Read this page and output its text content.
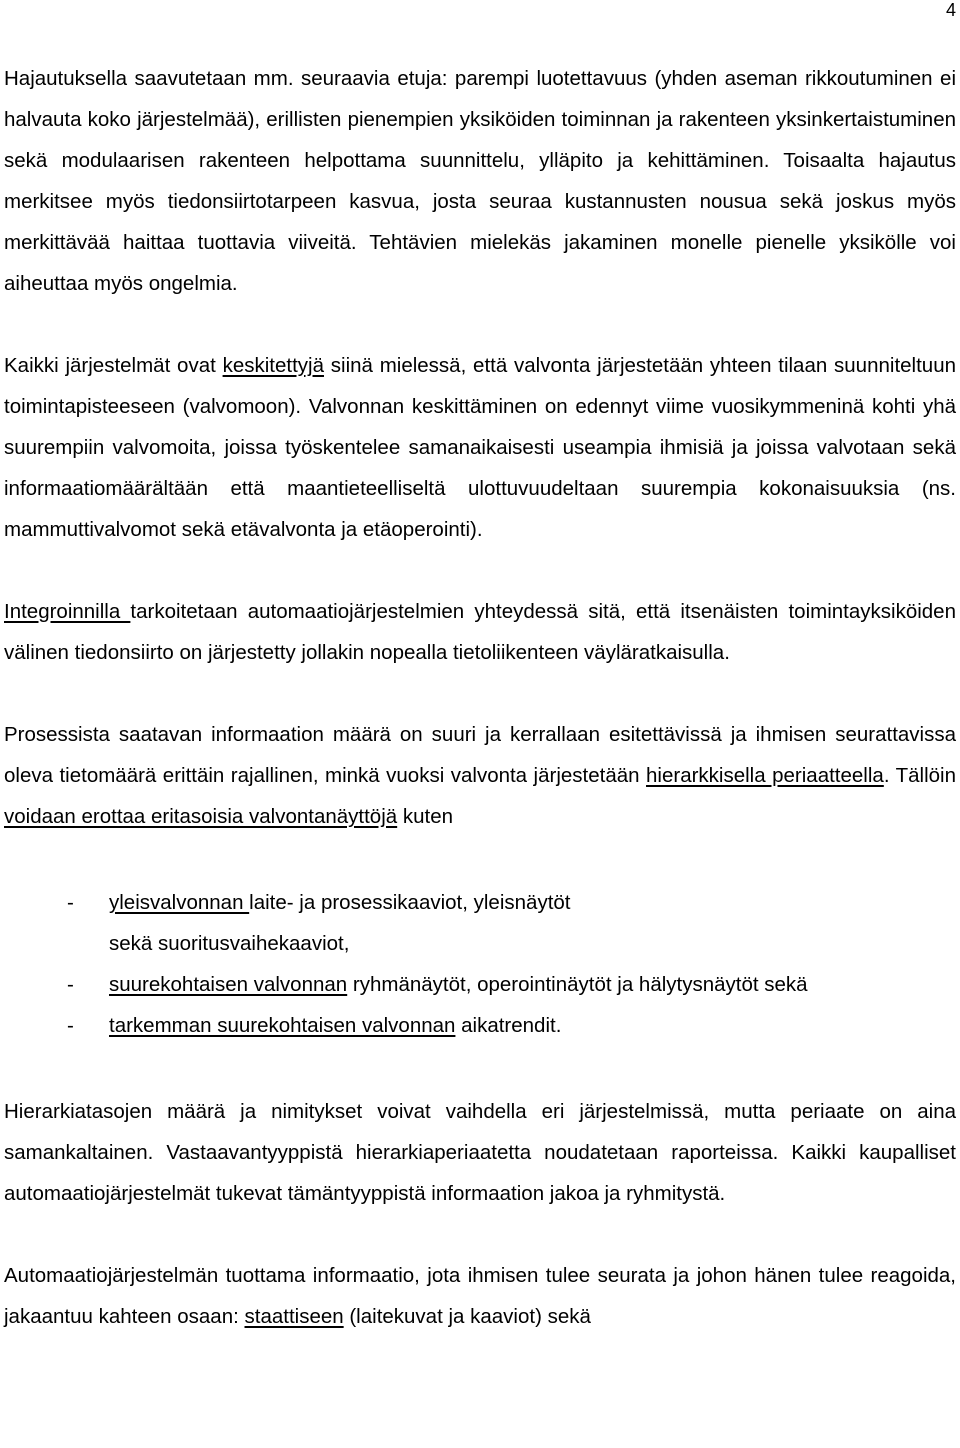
4

Hajautuksella saavutetaan mm. seuraavia etuja: parempi luotettavuus (yhden aseman rikkoutuminen ei halvauta koko järjestelmää), erillisten pienempien yksiköiden toiminnan ja rakenteen yksinkertaistuminen sekä modulaarisen rakenteen helpottama suunnittelu, ylläpito ja kehittäminen. Toisaalta hajautus merkitsee myös tiedonsiirtotarpeen kasvua, josta seuraa kustannusten nousua sekä joskus myös merkittävää haittaa tuottavia viiveitä. Tehtävien mielekäs jakaminen monelle pienelle yksikölle voi aiheuttaa myös ongelmia.

Kaikki järjestelmät ovat keskitettyjä siinä mielessä, että valvonta järjestetään yhteen tilaan suunniteltuun toimintapisteeseen (valvomoon). Valvonnan keskittäminen on edennyt viime vuosikymmeninä kohti yhä suurempiin valvomoita, joissa työskentelee samanaikaisesti useampia ihmisiä ja joissa valvotaan sekä informaatiomäärältään että maantieteelliseltä ulottuvuudeltaan suurempia kokonaisuuksia (ns. mammuttivalvomot sekä etävalvonta ja etäoperointi).

Integroinnilla tarkoitetaan automaatiojärjestelmien yhteydessä sitä, että itsenäisten toimintayksiköiden välinen tiedonsiirto on järjestetty jollakin nopealla tietoliikenteen väyläratkaisulla.

Prosessista saatavan informaation määrä on suuri ja kerrallaan esitettävissä ja ihmisen seurattavissa oleva tietomäärä erittäin rajallinen, minkä vuoksi valvonta järjestetään hierarkkisella periaatteella. Tällöin voidaan erottaa eritasoisia valvontanäyttöjä kuten

- yleisvalvonnan laite- ja prosessikaaviot, yleisnäytöt
sekä suoritusvaihekaaviot,
- suurekohtaisen valvonnan ryhmänäytöt, operointinäytöt ja hälytysnäytöt sekä
- tarkemman suurekohtaisen valvonnan aikatrendit.

Hierarkiatasojen määrä ja nimitykset voivat vaihdella eri järjestelmissä, mutta periaate on aina samankaltainen. Vastaavantyyppistä hierarkiaperiaatetta noudatetaan raporteissa. Kaikki kaupalliset automaatiojärjestelmät tukevat tämäntyyppistä informaation jakoa ja ryhmitystä.

Automaatiojärjestelmän tuottama informaatio, jota ihmisen tulee seurata ja johon hänen tulee reagoida, jakaantuu kahteen osaan: staattiseen (laitekuvat ja kaaviot) sekä
